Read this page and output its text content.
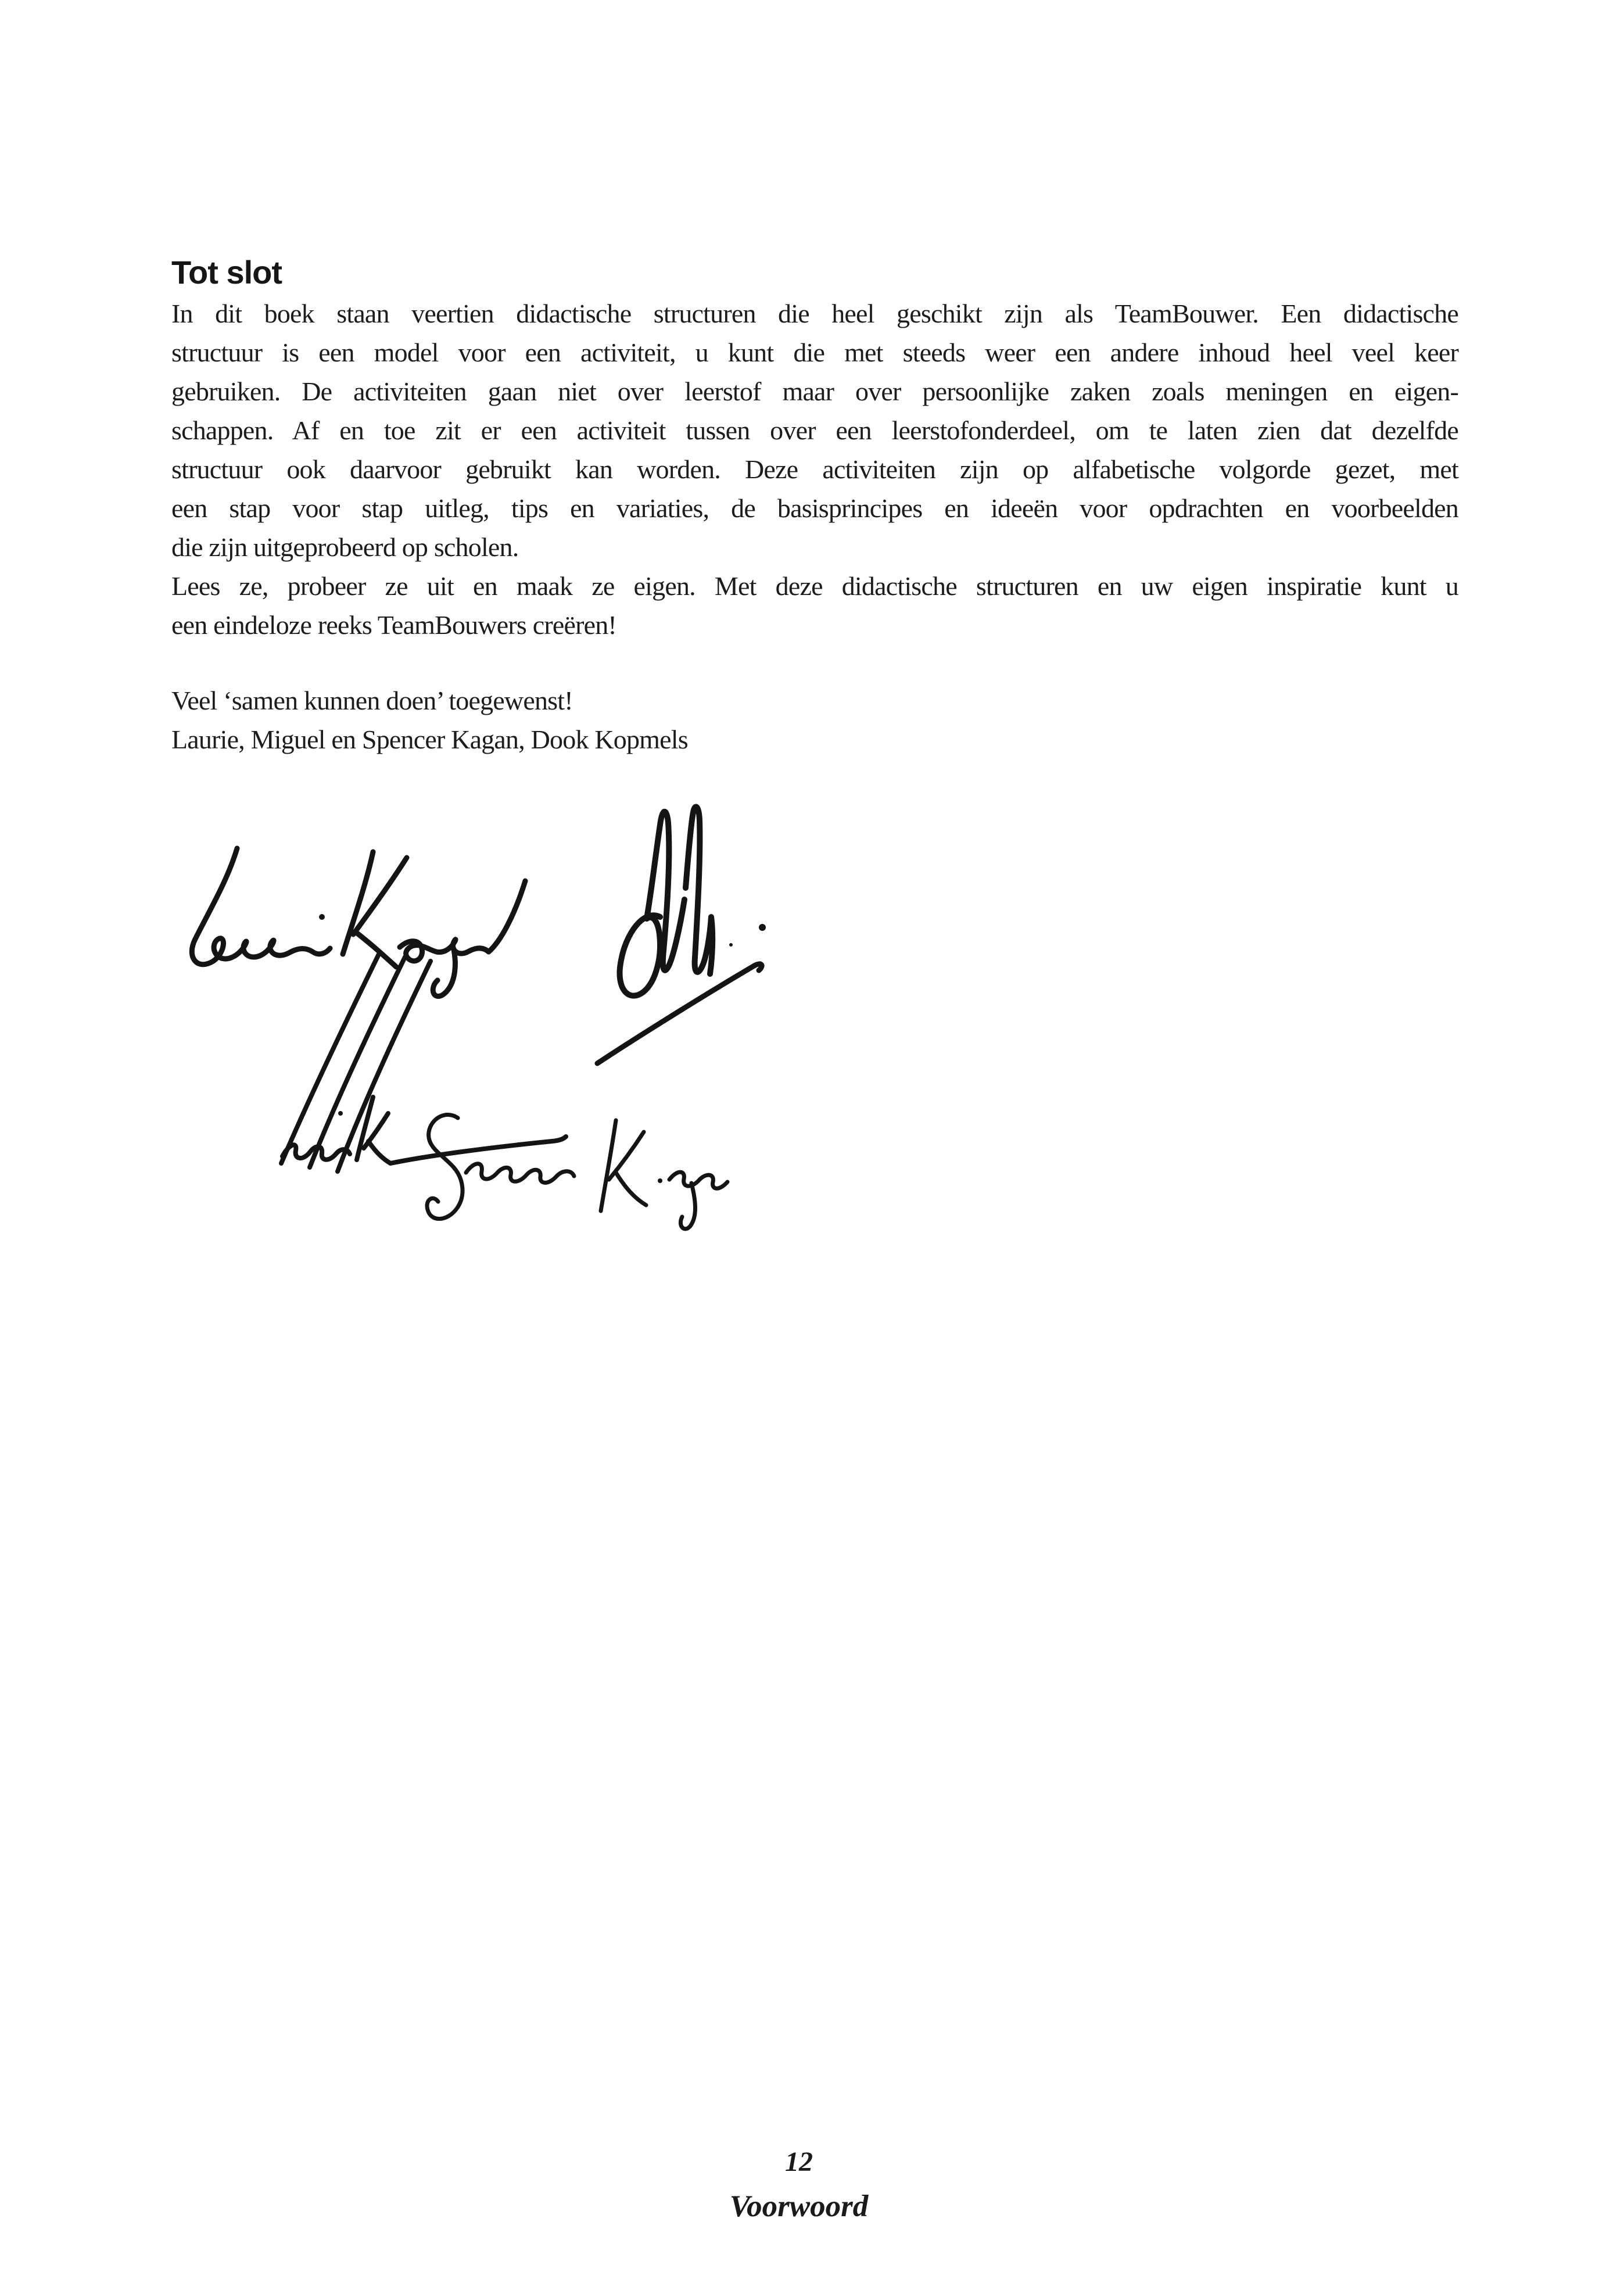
Tot slot
In dit boek staan veertien didactische structuren die heel geschikt zijn als TeamBouwer. Een didactische
structuur is een model voor een activiteit, u kunt die met steeds weer een andere inhoud heel veel keer
gebruiken. De activiteiten gaan niet over leerstof maar over persoonlijke zaken zoals meningen en eigen-
schappen. Af en toe zit er een activiteit tussen over een leerstofonderdeel, om te laten zien dat dezelfde
structuur ook daarvoor gebruikt kan worden. Deze activiteiten zijn op alfabetische volgorde gezet, met
een stap voor stap uitleg, tips en variaties, de basisprincipes en ideeën voor opdrachten en voorbeelden
die zijn uitgeprobeerd op scholen.
Lees ze, probeer ze uit en maak ze eigen. Met deze didactische structuren en uw eigen inspiratie kunt u
een eindeloze reeks TeamBouwers creëren!
Veel ‘samen kunnen doen’ toegewenst!
Laurie, Miguel en Spencer Kagan, Dook Kopmels
12
Voorwoord
